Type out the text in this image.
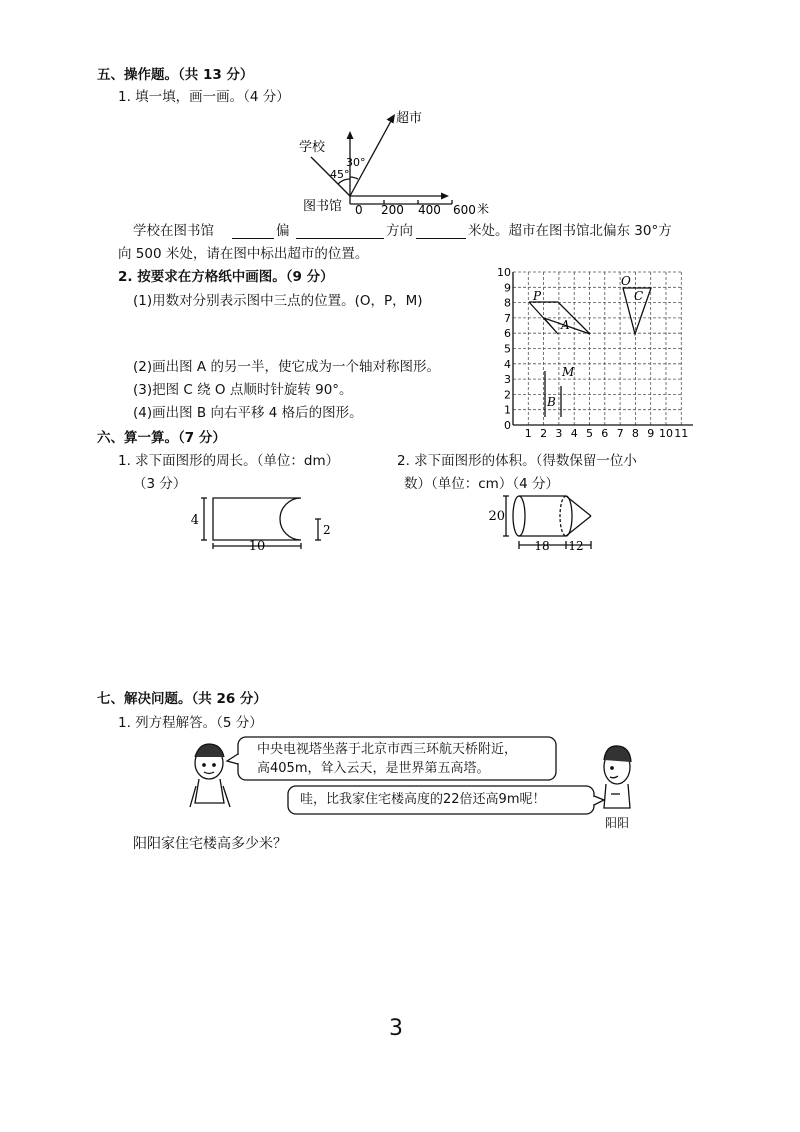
五、操作题。（共 13 分）
1. 填一填，画一画。（4 分）
学校
超市
图书馆
45°
30°
0 200 400 600 米
学校在图书馆	偏	方向	米处。超市在图书馆北偏东 30°方
向 500 米处，请在图中标出超市的位置。
2. 按要求在方格纸中画图。（9 分）
(1)用数对分别表示图中三点的位置。(O，P，M)
(2)画出图 A 的另一半，使它成为一个轴对称图形。
(3)把图 C 绕 O 点顺时针旋转 90°。
(4)画出图 B 向右平移 4 格后的图形。
10
9
8
7
6
5
4
3
2
1
0
1 2 3 4 5 6 7 8 9 10 11
O
P
A
C
M
B
六、算一算。（7 分）
1. 求下面图形的周长。（单位：dm）
（3 分）
2. 求下面图形的体积。（得数保留一位小
数）（单位：cm）（4 分）
4
10
2
20
18 12
七、解决问题。（共 26 分）
1. 列方程解答。（5 分）
中央电视塔坐落于北京市西三环航天桥附近，
高405m，耸入云天，是世界第五高塔。
哇，比我家住宅楼高度的22倍还高9m呢！
阳阳
阳阳家住宅楼高多少米？
3
